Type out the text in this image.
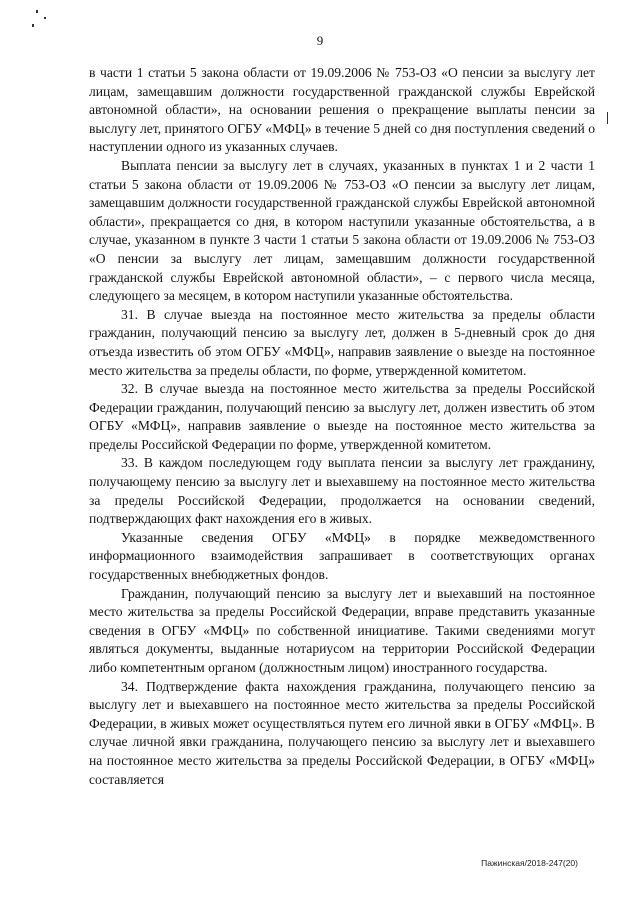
9

в части 1 статьи 5 закона области от 19.09.2006 № 753-ОЗ «О пенсии за выслугу лет лицам, замещавшим должности государственной гражданской службы Еврейской автономной области», на основании решения о прекращение выплаты пенсии за выслугу лет, принятого ОГБУ «МФЦ» в течение 5 дней со дня поступления сведений о наступлении одного из указанных случаев.

Выплата пенсии за выслугу лет в случаях, указанных в пунктах 1 и 2 части 1 статьи 5 закона области от 19.09.2006 № 753-ОЗ «О пенсии за выслугу лет лицам, замещавшим должности государственной гражданской службы Еврейской автономной области», прекращается со дня, в котором наступили указанные обстоятельства, а в случае, указанном в пункте 3 части 1 статьи 5 закона области от 19.09.2006 № 753-ОЗ «О пенсии за выслугу лет лицам, замещавшим должности государственной гражданской службы Еврейской автономной области», – с первого числа месяца, следующего за месяцем, в котором наступили указанные обстоятельства.

31. В случае выезда на постоянное место жительства за пределы области гражданин, получающий пенсию за выслугу лет, должен в 5-дневный срок до дня отъезда известить об этом ОГБУ «МФЦ», направив заявление о выезде на постоянное место жительства за пределы области, по форме, утвержденной комитетом.

32. В случае выезда на постоянное место жительства за пределы Российской Федерации гражданин, получающий пенсию за выслугу лет, должен известить об этом ОГБУ «МФЦ», направив заявление о выезде на постоянное место жительства за пределы Российской Федерации по форме, утвержденной комитетом.

33. В каждом последующем году выплата пенсии за выслугу лет гражданину, получающему пенсию за выслугу лет и выехавшему на постоянное место жительства за пределы Российской Федерации, продолжается на основании сведений, подтверждающих факт нахождения его в живых.

Указанные сведения ОГБУ «МФЦ» в порядке межведомственного информационного взаимодействия запрашивает в соответствующих органах государственных внебюджетных фондов.

Гражданин, получающий пенсию за выслугу лет и выехавший на постоянное место жительства за пределы Российской Федерации, вправе представить указанные сведения в ОГБУ «МФЦ» по собственной инициативе. Такими сведениями могут являться документы, выданные нотариусом на территории Российской Федерации либо компетентным органом (должностным лицом) иностранного государства.

34. Подтверждение факта нахождения гражданина, получающего пенсию за выслугу лет и выехавшего на постоянное место жительства за пределы Российской Федерации, в живых может осуществляться путем его личной явки в ОГБУ «МФЦ». В случае личной явки гражданина, получающего пенсию за выслугу лет и выехавшего на постоянное место жительства за пределы Российской Федерации, в ОГБУ «МФЦ» составляется

Пажинская/2018-247(20)
